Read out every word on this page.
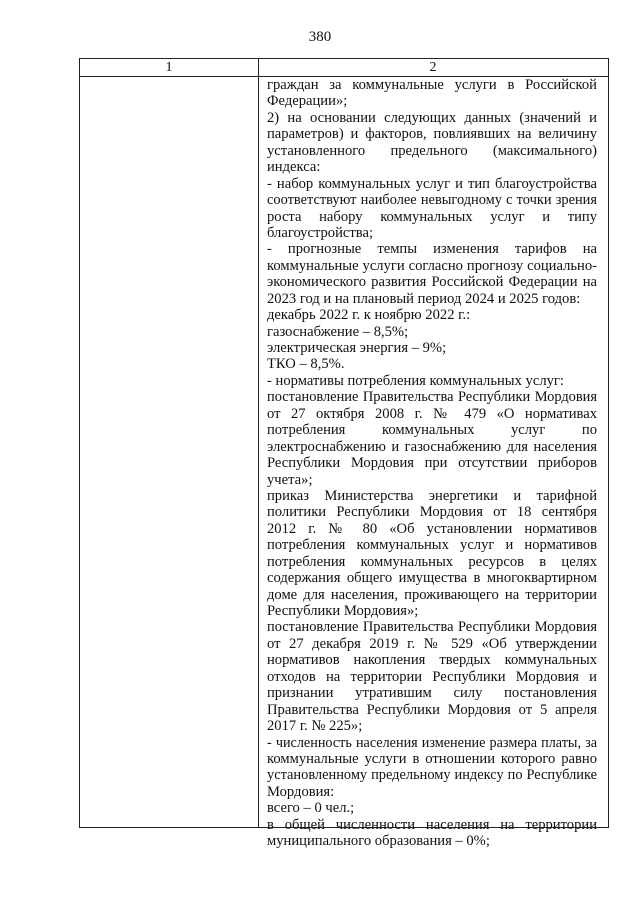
380
1	2
граждан за коммунальные услуги в Российской
Федерации»;
2) на основании следующих данных (значений и
параметров) и факторов, повлиявших на величину
установленного предельного (максимального)
индекса:
- набор коммунальных услуг и тип благоустройства
соответствуют наиболее невыгодному с точки зрения
роста набору коммунальных услуг и типу
благоустройства;
- прогнозные темпы изменения тарифов на
коммунальные услуги согласно прогнозу социально-
экономического развития Российской Федерации на
2023 год и на плановый период 2024 и 2025 годов:
декабрь 2022 г. к ноябрю 2022 г.:
газоснабжение – 8,5%;
электрическая энергия – 9%;
ТКО – 8,5%.
- нормативы потребления коммунальных услуг:
постановление Правительства Республики Мордовия
от 27 октября 2008 г. № 479 «О нормативах
потребления коммунальных услуг по
электроснабжению и газоснабжению для населения
Республики Мордовия при отсутствии приборов
учета»;
приказ Министерства энергетики и тарифной
политики Республики Мордовия от 18 сентября
2012 г. № 80 «Об установлении нормативов
потребления коммунальных услуг и нормативов
потребления коммунальных ресурсов в целях
содержания общего имущества в многоквартирном
доме для населения, проживающего на территории
Республики Мордовия»;
постановление Правительства Республики Мордовия
от 27 декабря 2019 г. № 529 «Об утверждении
нормативов накопления твердых коммунальных
отходов на территории Республики Мордовия и
признании утратившим силу постановления
Правительства Республики Мордовия от 5 апреля
2017 г. № 225»;
- численность населения изменение размера платы, за
коммунальные услуги в отношении которого равно
установленному предельному индексу по Республике
Мордовия:
всего – 0 чел.;
в общей численности населения на территории
муниципального образования – 0%;
